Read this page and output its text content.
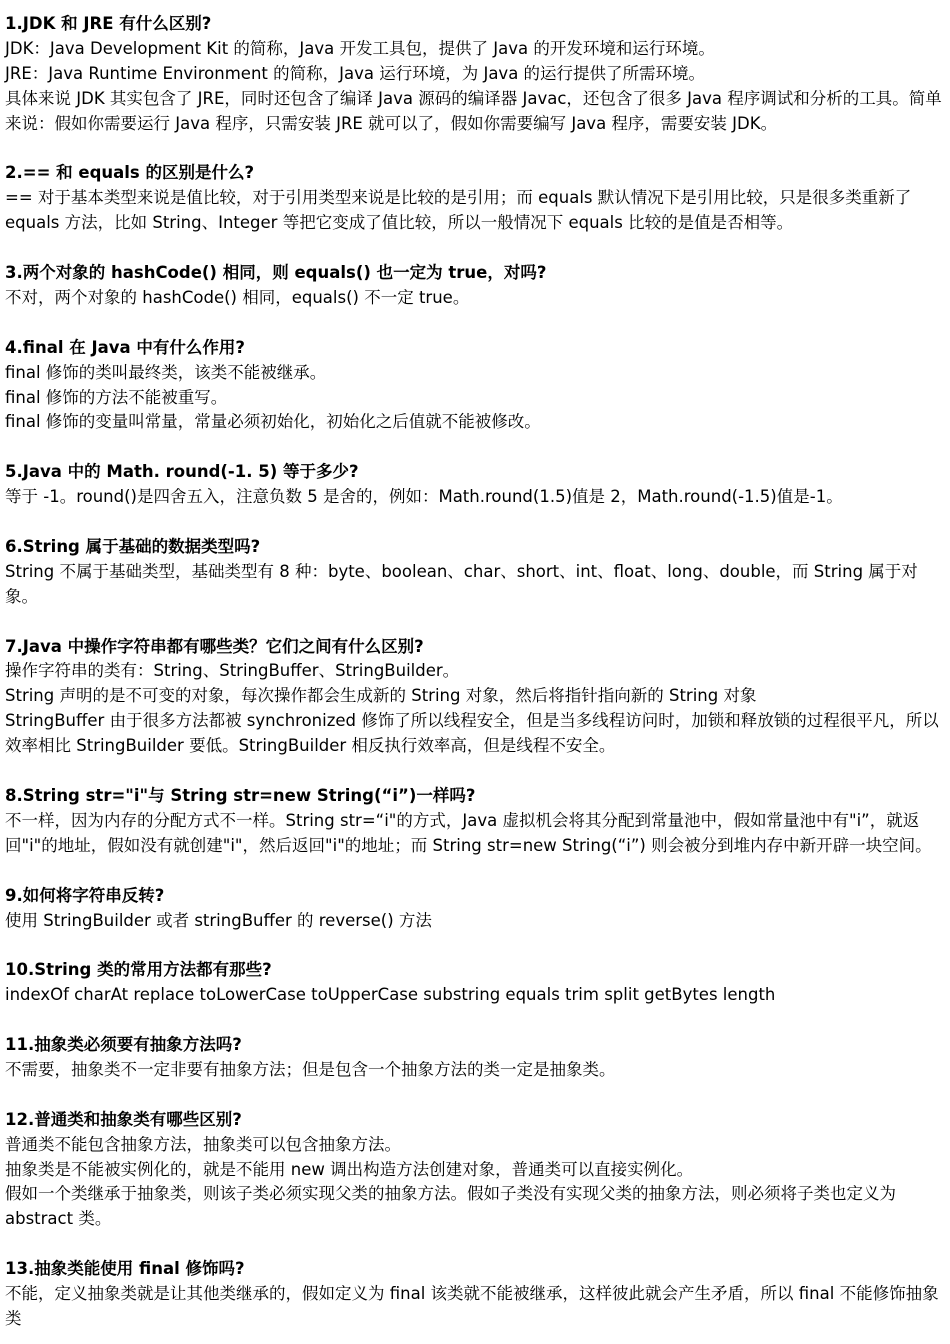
1.JDK 和 JRE 有什么区别?

JDK：Java Development Kit 的简称，Java 开发工具包，提供了 Java 的开发环境和运行环境。

JRE：Java Runtime Environment 的简称，Java 运行环境，为 Java 的运行提供了所需环境。

具体来说 JDK 其实包含了 JRE，同时还包含了编译 Java 源码的编译器 Javac，还包含了很多 Java 程序调试和分析的工具。简单来说：假如你需要运行 Java 程序，只需安装 JRE 就可以了，假如你需要编写 Java 程序，需要安装 JDK。

2.== 和 equals 的区别是什么?

== 对于基本类型来说是值比较，对于引用类型来说是比较的是引用；而 equals 默认情况下是引用比较，只是很多类重新了 equals 方法，比如 String、Integer 等把它变成了值比较，所以一般情况下 equals 比较的是值是否相等。

3.两个对象的 hashCode() 相同，则 equals() 也一定为 true，对吗?

不对，两个对象的 hashCode() 相同，equals() 不一定 true。

4.final 在 Java 中有什么作用?

final 修饰的类叫最终类，该类不能被继承。

final 修饰的方法不能被重写。

final 修饰的变量叫常量，常量必须初始化，初始化之后值就不能被修改。

5.Java 中的 Math. round(-1. 5) 等于多少?

等于 -1。round()是四舍五入，注意负数 5 是舍的，例如：Math.round(1.5)值是 2，Math.round(-1.5)值是-1。

6.String 属于基础的数据类型吗?

String 不属于基础类型，基础类型有 8 种：byte、boolean、char、short、int、float、long、double，而 String 属于对象。

7.Java 中操作字符串都有哪些类？它们之间有什么区别?

操作字符串的类有：String、StringBuffer、StringBuilder。

String 声明的是不可变的对象，每次操作都会生成新的 String 对象，然后将指针指向新的 String 对象

StringBuffer 由于很多方法都被 synchronized 修饰了所以线程安全，但是当多线程访问时，加锁和释放锁的过程很平凡，所以效率相比 StringBuilder 要低。StringBuilder 相反执行效率高，但是线程不安全。

8.String str="i"与 String str=new String(“i”)一样吗?

不一样，因为内存的分配方式不一样。String str=“i"的方式，Java 虚拟机会将其分配到常量池中，假如常量池中有"i”，就返回"i"的地址，假如没有就创建"i"，然后返回"i"的地址；而 String str=new String(“i”) 则会被分到堆内存中新开辟一块空间。

9.如何将字符串反转?

使用 StringBuilder 或者 stringBuffer 的 reverse() 方法

10.String 类的常用方法都有那些?

indexOf charAt replace toLowerCase toUpperCase substring equals trim split getBytes length

11.抽象类必须要有抽象方法吗?

不需要，抽象类不一定非要有抽象方法；但是包含一个抽象方法的类一定是抽象类。

12.普通类和抽象类有哪些区别?

普通类不能包含抽象方法，抽象类可以包含抽象方法。

抽象类是不能被实例化的，就是不能用 new 调出构造方法创建对象，普通类可以直接实例化。

假如一个类继承于抽象类，则该子类必须实现父类的抽象方法。假如子类没有实现父类的抽象方法，则必须将子类也定义为 abstract 类。

13.抽象类能使用 final 修饰吗?

不能，定义抽象类就是让其他类继承的，假如定义为 final 该类就不能被继承，这样彼此就会产生矛盾，所以 final 不能修饰抽象类
